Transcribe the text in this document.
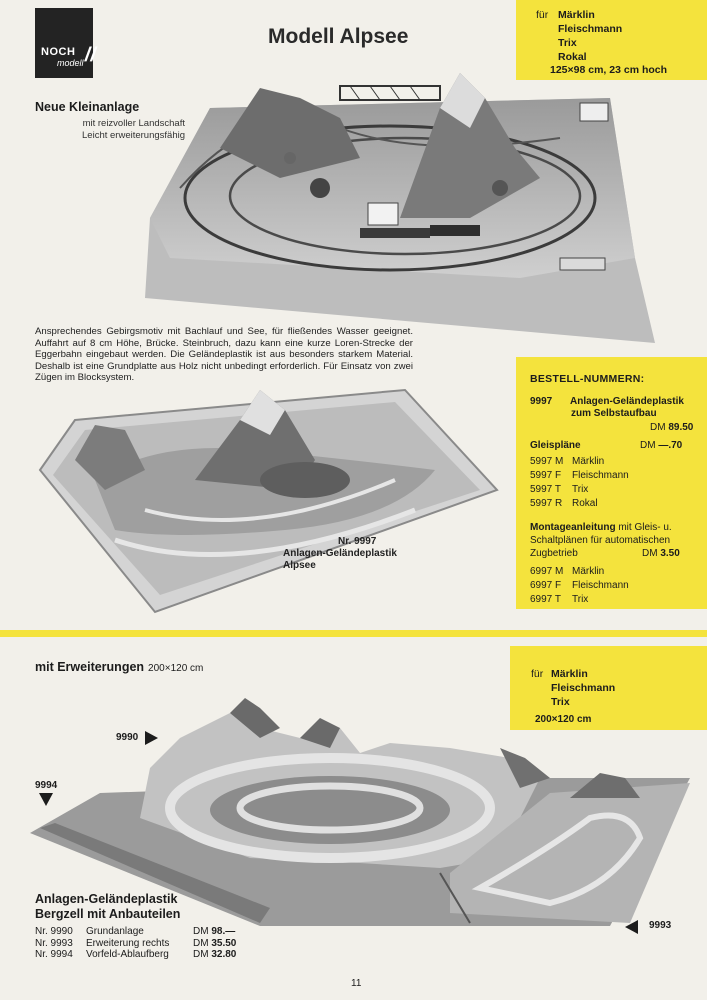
NOCH
modell //
Modell Alpsee
für Märklin
Fleischmann
Trix
Rokal
125×98 cm, 23 cm hoch
Neue Kleinanlage
mit reizvoller Landschaft
Leicht erweiterungsfähig
Ansprechendes Gebirgsmotiv mit Bachlauf und See, für fließendes Wasser geeignet. Auffahrt auf 8 cm Höhe, Brücke. Steinbruch, dazu kann eine kurze Loren-Strecke der Eggerbahn eingebaut werden. Die Geländeplastik ist aus besonders starkem Material. Deshalb ist eine Grundplatte aus Holz nicht unbedingt erforderlich. Für Einsatz von zwei Zügen im Blocksystem.
Nr. 9997
Anlagen-Geländeplastik
Alpsee
BESTELL-NUMMERN:
9997 Anlagen-Geländeplastik
zum Selbstaufbau
DM 89.50
Gleispläne	DM —.70
5997 M Märklin
5997 F Fleischmann
5997 T Trix
5997 R Rokal
Montageanleitung mit Gleis- u.
Schaltplänen für automatischen
Zugbetrieb	DM 3.50
6997 M Märklin
6997 F Fleischmann
6997 T Trix
mit Erweiterungen 200×120 cm	für Märklin
Fleischmann
Trix
200×120 cm
9990
9994
9993
Anlagen-Geländeplastik
Bergzell mit Anbauteilen
Nr. 9990	Grundanlage	DM 98.—
Nr. 9993	Erweiterung rechts	DM 35.50
Nr. 9994	Vorfeld-Ablaufberg	DM 32.80
11
